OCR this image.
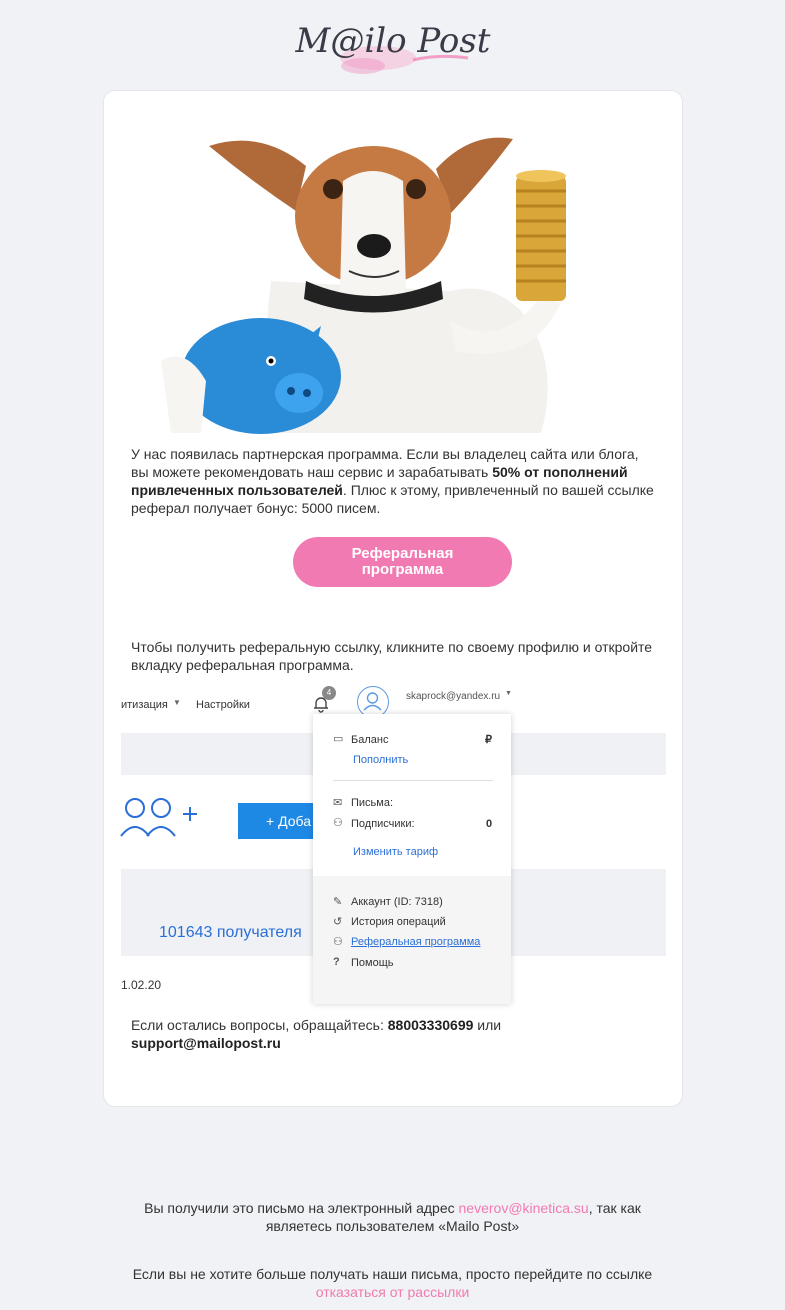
M@ilo Post
У нас появилась партнерская программа. Если вы владелец сайта или блога, вы можете рекомендовать наш сервис и зарабатывать 50% от пополнений привлеченных пользователей. Плюс к этому, привлеченный по вашей ссылке реферал получает бонус: 5000 писем.
Реферальная программа
Чтобы получить реферальную ссылку, кликните по своему профилю и откройте вкладку реферальная программа.
итизация ▼ Настройки
4	skaprock@yandex.ru ▼
+ Доба
101643 получателя
1.02.20
▭ Баланс	₽
Пополнить
✉ Письма:
⚇ Подписчики:	0
Изменить тариф
✎ Аккаунт (ID: 7318)
↺ История операций
⚇ Реферальная программа
? Помощь
Если остались вопросы, обращайтесь: 88003330699 или
support@mailopost.ru
Вы получили это письмо на электронный адрес neverov@kinetica.su, так как являетесь пользователем «Mailo Post»
Если вы не хотите больше получать наши письма, просто перейдите по ссылке
отказаться от рассылки
